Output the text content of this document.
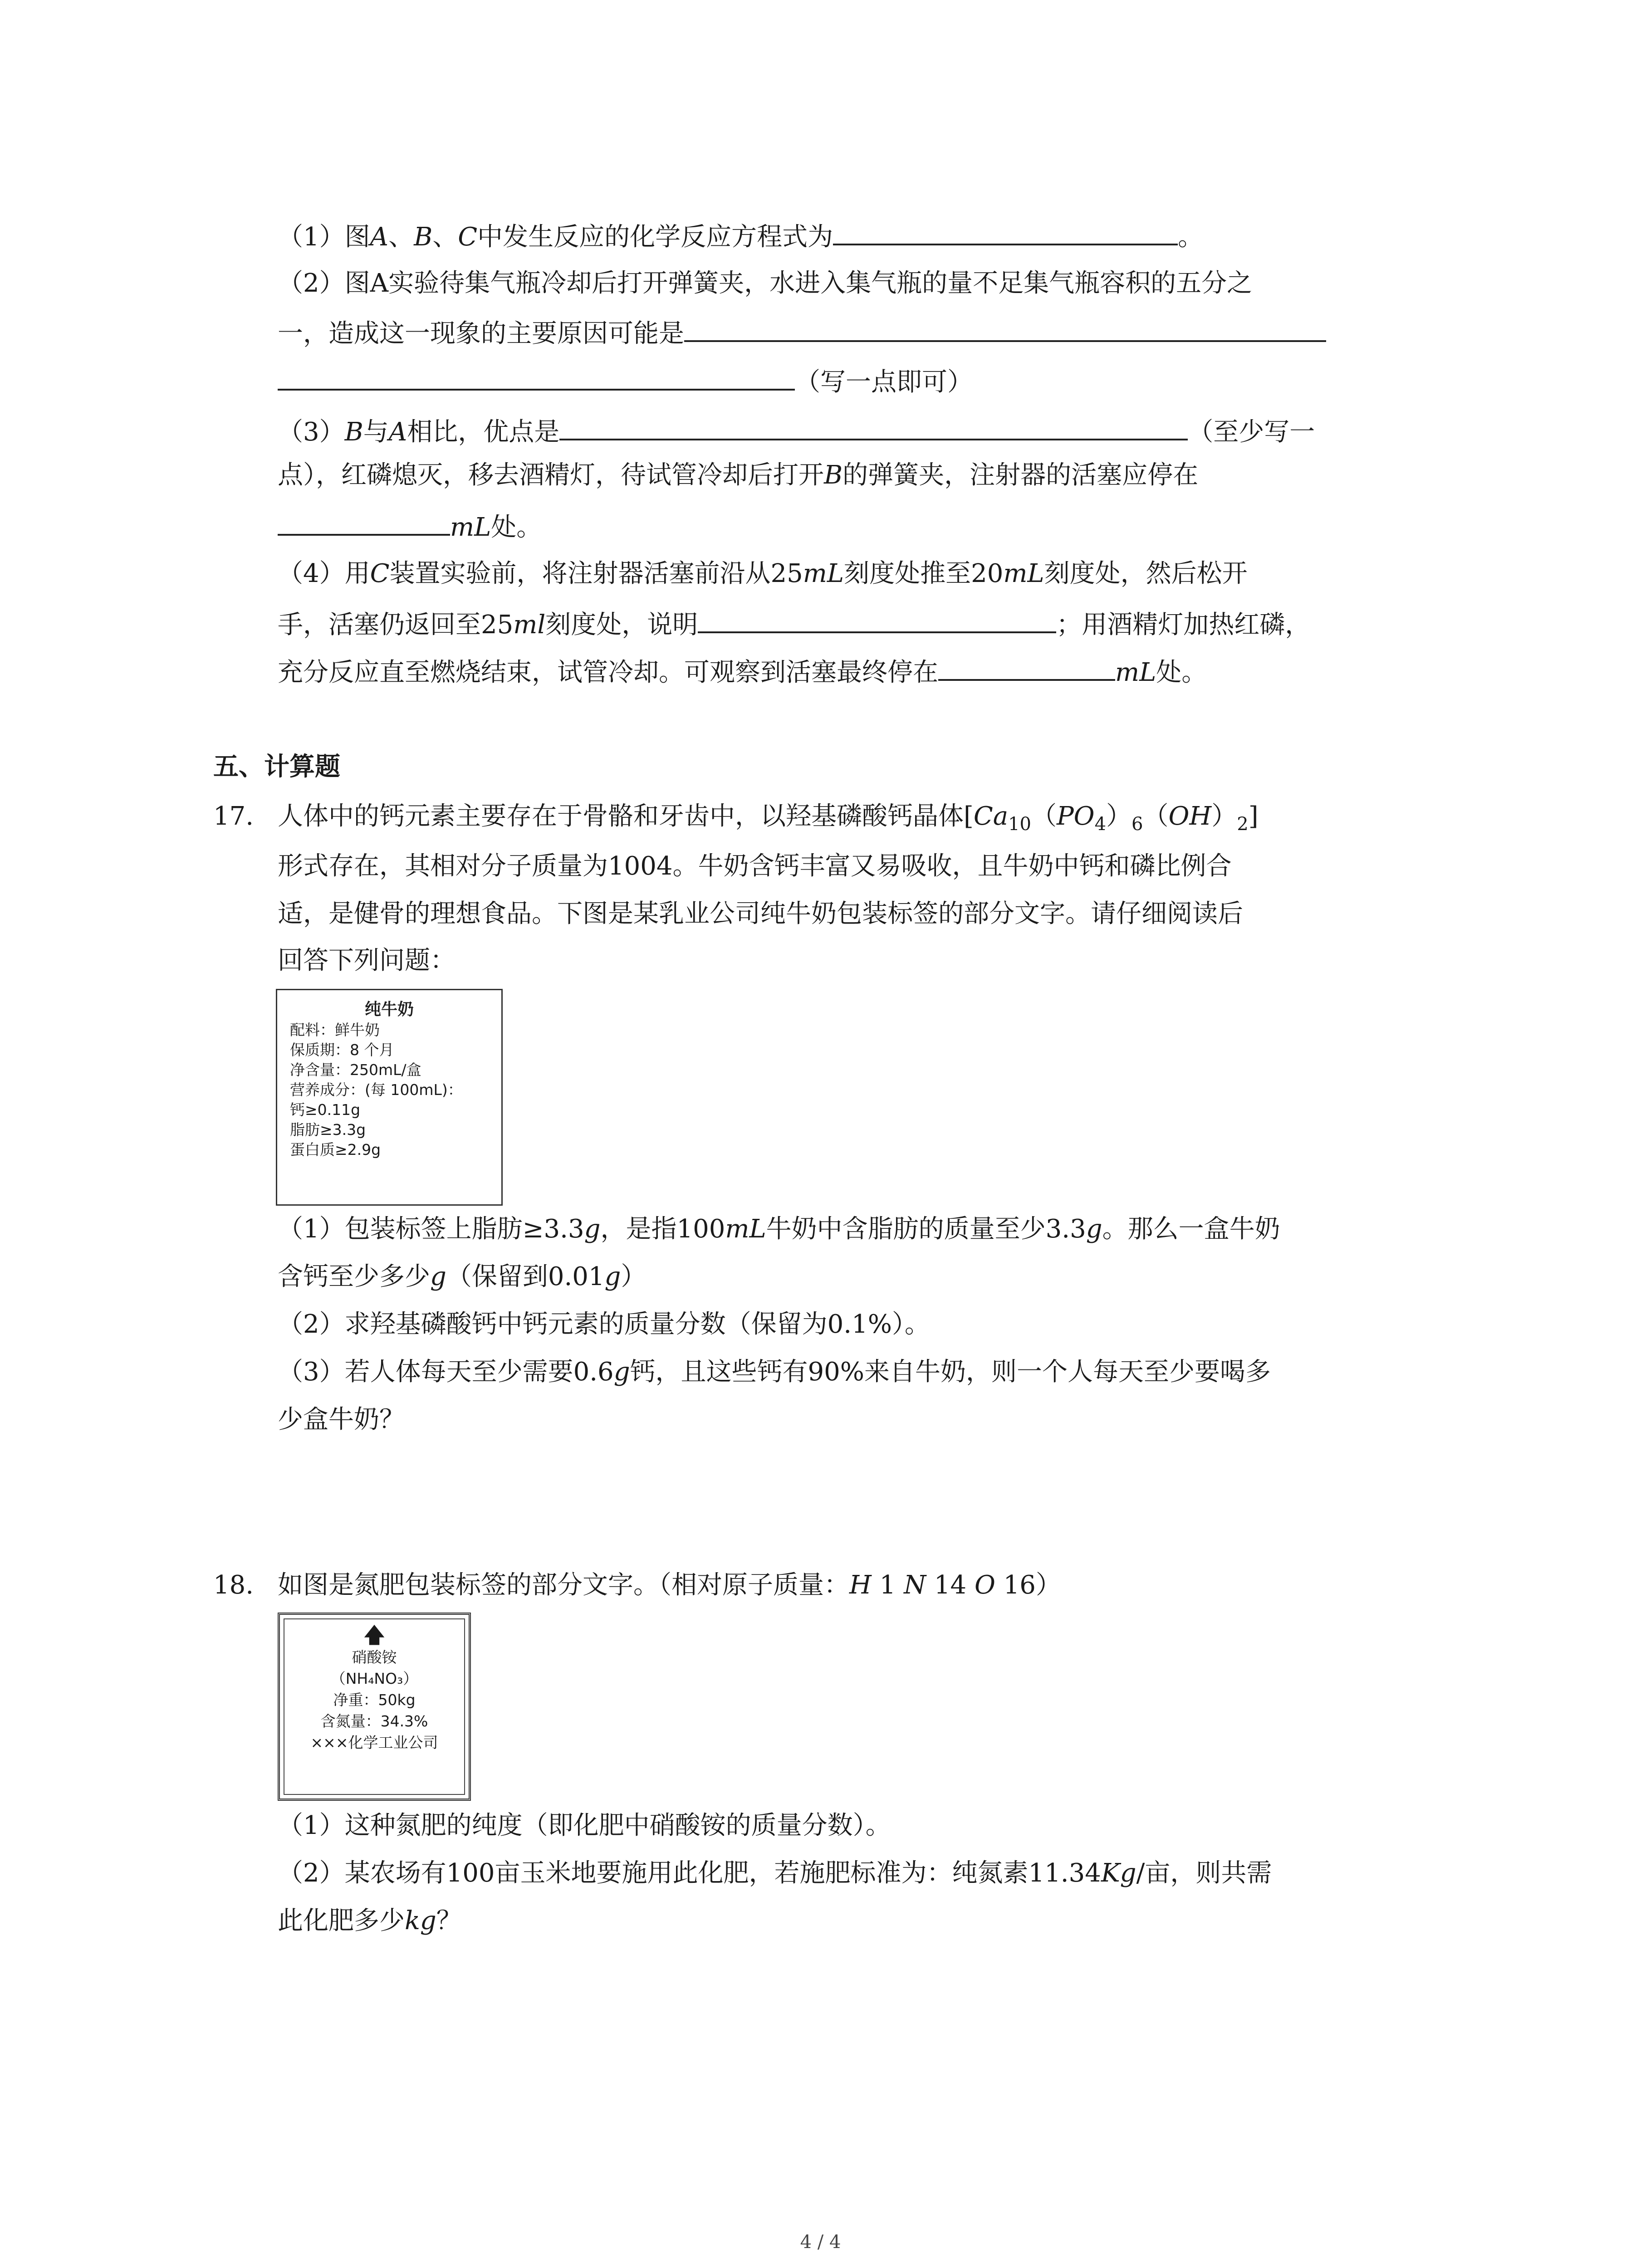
（1）图A、B、C中发生反应的化学反应方程式为	。
（2）图A实验待集气瓶冷却后打开弹簧夹，水进入集气瓶的量不足集气瓶容积的五分之
一，造成这一现象的主要原因可能是
（写一点即可）
（3）B与A相比，优点是	（至少写一
点），红磷熄灭，移去酒精灯，待试管冷却后打开B的弹簧夹，注射器的活塞应停在
mL处。
（4）用C装置实验前，将注射器活塞前沿从25mL刻度处推至20mL刻度处，然后松开
手，活塞仍返回至25ml刻度处，说明	；用酒精灯加热红磷，
充分反应直至燃烧结束，试管冷却。可观察到活塞最终停在	mL处。
五、计算题
17. 人体中的钙元素主要存在于骨骼和牙齿中，以羟基磷酸钙晶体$[Ca_{10}(PO_4)_6(OH)_2]$
形式存在，其相对分子质量为1004。牛奶含钙丰富又易吸收，且牛奶中钙和磷比例合
适，是健骨的理想食品。下图是某乳业公司纯牛奶包装标签的部分文字。请仔细阅读后
回答下列问题：
纯牛奶
配料：鲜牛奶
保质期：8 个月
净含量：250mL/盒
营养成分：(每 100mL)：
钙≥0.11g
脂肪≥3.3g
蛋白质≥2.9g
（1）包装标签上脂肪≥3.3g，是指100mL牛奶中含脂肪的质量至少3.3g。那么一盒牛奶
含钙至少多少g（保留到0.01g）
（2）求羟基磷酸钙中钙元素的质量分数（保留为0.1%）。
（3）若人体每天至少需要0.6g钙，且这些钙有90%来自牛奶，则一个人每天至少要喝多
少盒牛奶？
18. 如图是氮肥包装标签的部分文字。（相对原子质量：H 1 N 14 O 16）
🡅
硝酸铵
（NH₄NO₃）
净重：50kg
含氮量：34.3%
×××化学工业公司
（1）这种氮肥的纯度（即化肥中硝酸铵的质量分数）。
（2）某农场有100亩玉米地要施用此化肥，若施肥标准为：纯氮素11.34Kg/亩，则共需
此化肥多少kg？
4 / 4
